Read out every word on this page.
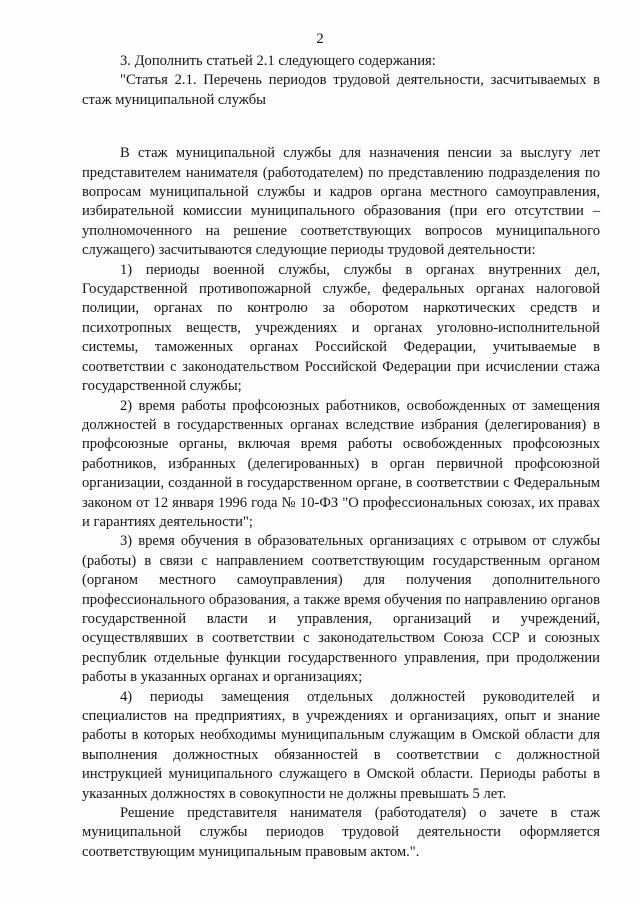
2

3. Дополнить статьей 2.1 следующего содержания:

"Статья 2.1. Перечень периодов трудовой деятельности, засчитываемых в стаж муниципальной службы

В стаж муниципальной службы для назначения пенсии за выслугу лет представителем нанимателя (работодателем) по представлению подразделения по вопросам муниципальной службы и кадров органа местного самоуправления, избирательной комиссии муниципального образования (при его отсутствии – уполномоченного на решение соответствующих вопросов муниципального служащего) засчитываются следующие периоды трудовой деятельности:

1) периоды военной службы, службы в органах внутренних дел, Государственной противопожарной службе, федеральных органах налоговой полиции, органах по контролю за оборотом наркотических средств и психотропных веществ, учреждениях и органах уголовно-исполнительной системы, таможенных органах Российской Федерации, учитываемые в соответствии с законодательством Российской Федерации при исчислении стажа государственной службы;

2) время работы профсоюзных работников, освобожденных от замещения должностей в государственных органах вследствие избрания (делегирования) в профсоюзные органы, включая время работы освобожденных профсоюзных работников, избранных (делегированных) в орган первичной профсоюзной организации, созданной в государственном органе, в соответствии с Федеральным законом от 12 января 1996 года № 10-ФЗ "О профессиональных союзах, их правах и гарантиях деятельности";

3) время обучения в образовательных организациях с отрывом от службы (работы) в связи с направлением соответствующим государственным органом (органом местного самоуправления) для получения дополнительного профессионального образования, а также время обучения по направлению органов государственной власти и управления, организаций и учреждений, осуществлявших в соответствии с законодательством Союза ССР и союзных республик отдельные функции государственного управления, при продолжении работы в указанных органах и организациях;

4) периоды замещения отдельных должностей руководителей и специалистов на предприятиях, в учреждениях и организациях, опыт и знание работы в которых необходимы муниципальным служащим в Омской области для выполнения должностных обязанностей в соответствии с должностной инструкцией муниципального служащего в Омской области. Периоды работы в указанных должностях в совокупности не должны превышать 5 лет.

Решение представителя нанимателя (работодателя) о зачете в стаж муниципальной службы периодов трудовой деятельности оформляется соответствующим муниципальным правовым актом.".
